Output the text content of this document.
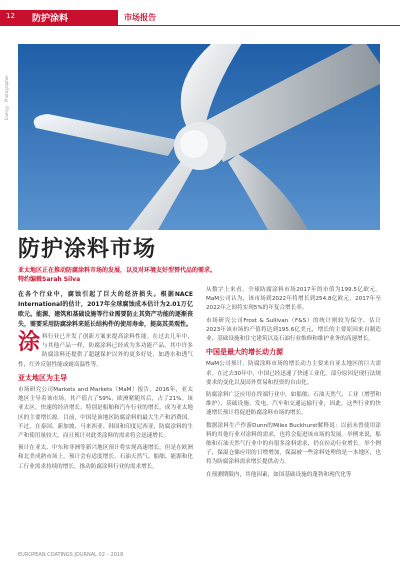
12 防护涂料	市场报告
Energy · Photographer
防护涂料市场
亚太地区正在推动防腐涂料市场的发展，以及对环境友好型替代品的需求。
特约编辑Sarah Silva

在各个行业中，腐蚀引起了巨大的经济损失。根据NACE International的估计，2017年全球腐蚀成本估计为2.01万亿欧元。能源、建筑和基础设施等行业需要防止其资产功能的逐渐丧失，需要采用防腐涂料来延长结构件的使用寿命，提高其美观性。

涂料行业已开发了创新方案来提高涂料性能。在过去几年中，与其他产品一样，防腐涂料已经成为多功能产品，其中许多防腐涂料还提供了超越保护以外的更多好处，如透水和透气性，红外反射性能或耐高温性等。

亚太地区为主导

市场研究公司Markets and Markets（MaM）报告，2016年，亚太地区主导着该市场，其产值占了59%，欧洲紧随其后，占了21%。该亚太区，快速的经济增长，特别是船舶和汽车行业的增长，成为亚太地区的主要增长源。目前，中国是该地区防腐涂料的最大生产和消费国。不过，在泰国、新加坡、马来西亚、韩国和印度尼西亚，防腐涂料的生产和使用量较大，而且预计对此类涂料的需求将会迅速增长。

预计在亚太、中东和非洲等新兴地区预计将实现高速增长，但是在欧洲和北美成熟市场上，预计会有适度增长。石油天然气、船舶、能源和化工行业需求持续的增长，推动防腐涂料行业的需求增长。

从数字上来看，全球防腐涂料市场2017年的市值为199.5亿欧元。MaM公司认为，该市场到2022年将增长到254.8亿欧元，2017年至2022年之间将实现5%的年复合增长率。

市场研究公司Frost & Sullivan（F&S）的统计则较为保守。估计2023年该市场的产值将达到195.6亿美元，增长的主要原因来自制造业、基础设施和住宅建筑以及石油行业维修和维护业务的高速增长。

中国是最大的增长动力源

MaM公司预计，防腐涂料市场的增长动力主要来自亚太地区的巨大需求。在过去30年中，中国已经迅速了快速工业化。部分原因是现行法规要求的变化以及国外贸易和投资的自由化。

防腐涂料广泛应用在终端行业中，如船舶、石油天然气、工业（增塑和维护）、基础设施、发电、汽车和交通运输行业，因此，这些行业的快速增长预计将促进防腐涂料市场的增长。

数据涂料生产作游Dunn的Miles Buckhurst解释说：以前未曾使用涂料的其他行业对涂料的需求，也将会促进该市场的发展。举例来说，船舶和石油天然气行业中的有很多涂料需求，仍在拉动行业增长。举个例子，保温仓储应用的日增增加，保温被一些涂料处理的是一本地区，也将为防腐涂料需求增长提供动力。

在预测期限内，其他因素，如国基础设施的蓬勃和现代化等

EUROPEAN COATINGS JOURNAL 02 – 2018
